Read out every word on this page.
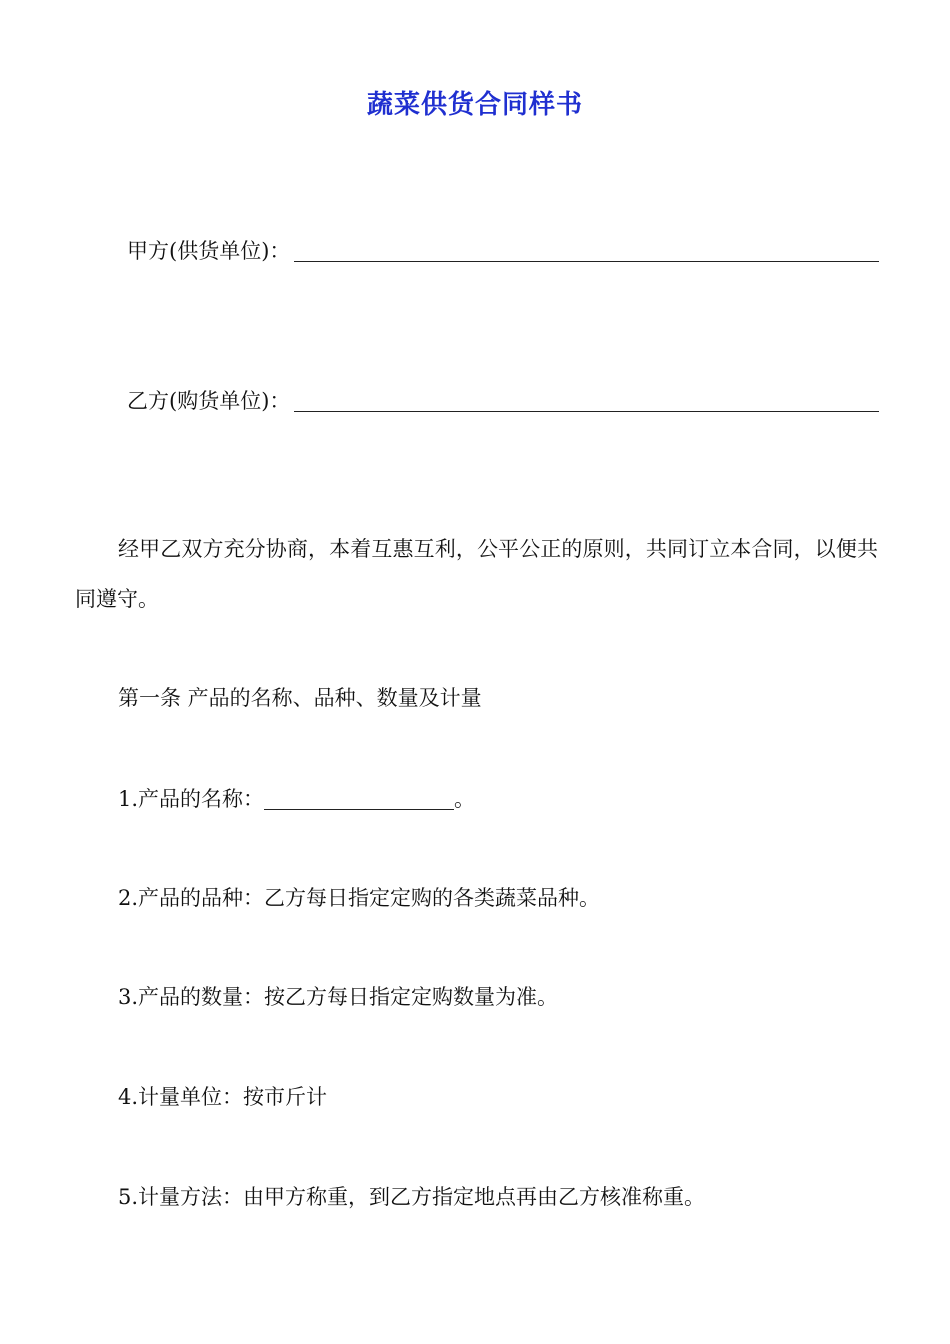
蔬菜供货合同样书
甲方(供货单位)：
乙方(购货单位)：
经甲乙双方充分协商，本着互惠互利，公平公正的原则，共同订立本合同，以便共同遵守。
第一条 产品的名称、品种、数量及计量
1.产品的名称：	。
2.产品的品种：乙方每日指定定购的各类蔬菜品种。
3.产品的数量：按乙方每日指定定购数量为准。
4.计量单位：按市斤计
5.计量方法：由甲方称重，到乙方指定地点再由乙方核准称重。
